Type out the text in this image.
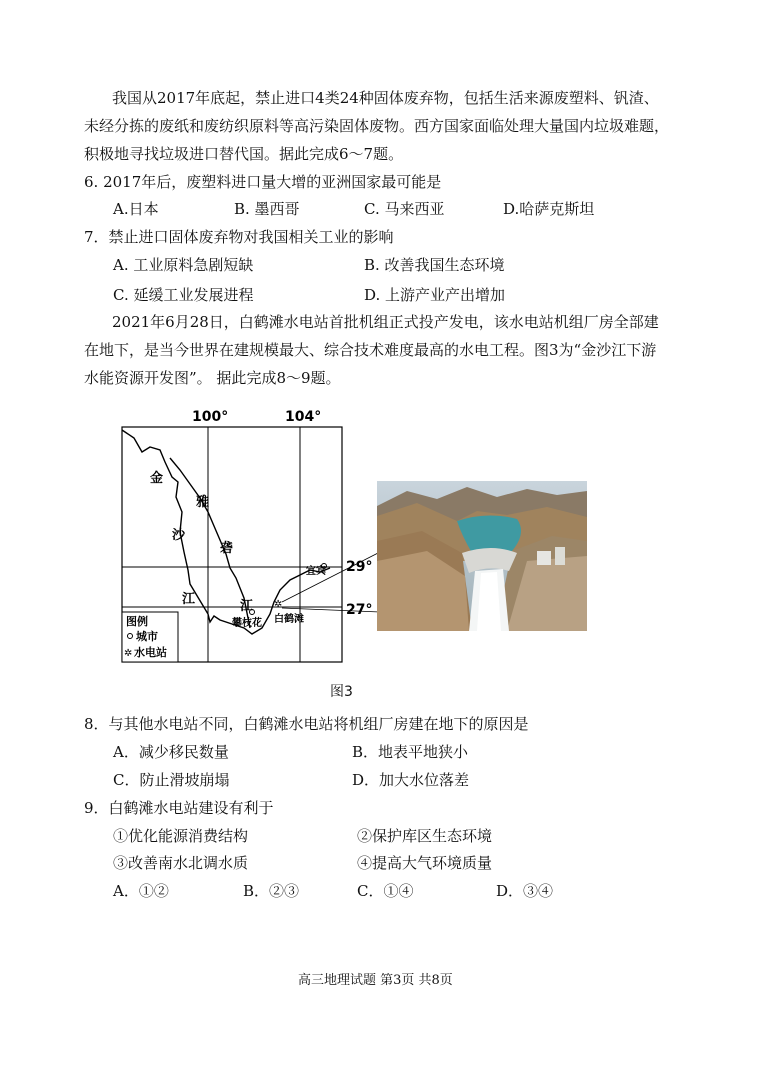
我国从2017年底起，禁止进口4类24种固体废弃物，包括生活来源废塑料、钒渣、
未经分拣的废纸和废纺织原料等高污染固体废物。西方国家面临处理大量国内垃圾难题，
积极地寻找垃圾进口替代国。据此完成6～7题。
6. 2017年后，废塑料进口量大增的亚洲国家最可能是
A.日本	B. 墨西哥	C. 马来西亚	D.哈萨克斯坦
7．禁止进口固体废弃物对我国相关工业的影响
A. 工业原料急剧短缺	B. 改善我国生态环境
C. 延缓工业发展进程	D. 上游产业产出增加
2021年6月28日，白鹤滩水电站首批机组正式投产发电，该水电站机组厂房全部建
在地下，是当今世界在建规模最大、综合技术难度最高的水电工程。图3为“金沙江下游
水能资源开发图”。 据此完成8～9题。
100°	104°
29°
27°
金
沙
江
雅
砻
江
宜宾
攀枝花
✲
白鹤滩
图例
城市
✲ 水电站
图3
8．与其他水电站不同，白鹤滩水电站将机组厂房建在地下的原因是
A．减少移民数量	B．地表平地狭小
C．防止滑坡崩塌	D．加大水位落差
9．白鹤滩水电站建设有利于
①优化能源消费结构	②保护库区生态环境
③改善南水北调水质	④提高大气环境质量
A．①②	B．②③	C．①④	D．③④
高三地理试题 第3页 共8页
